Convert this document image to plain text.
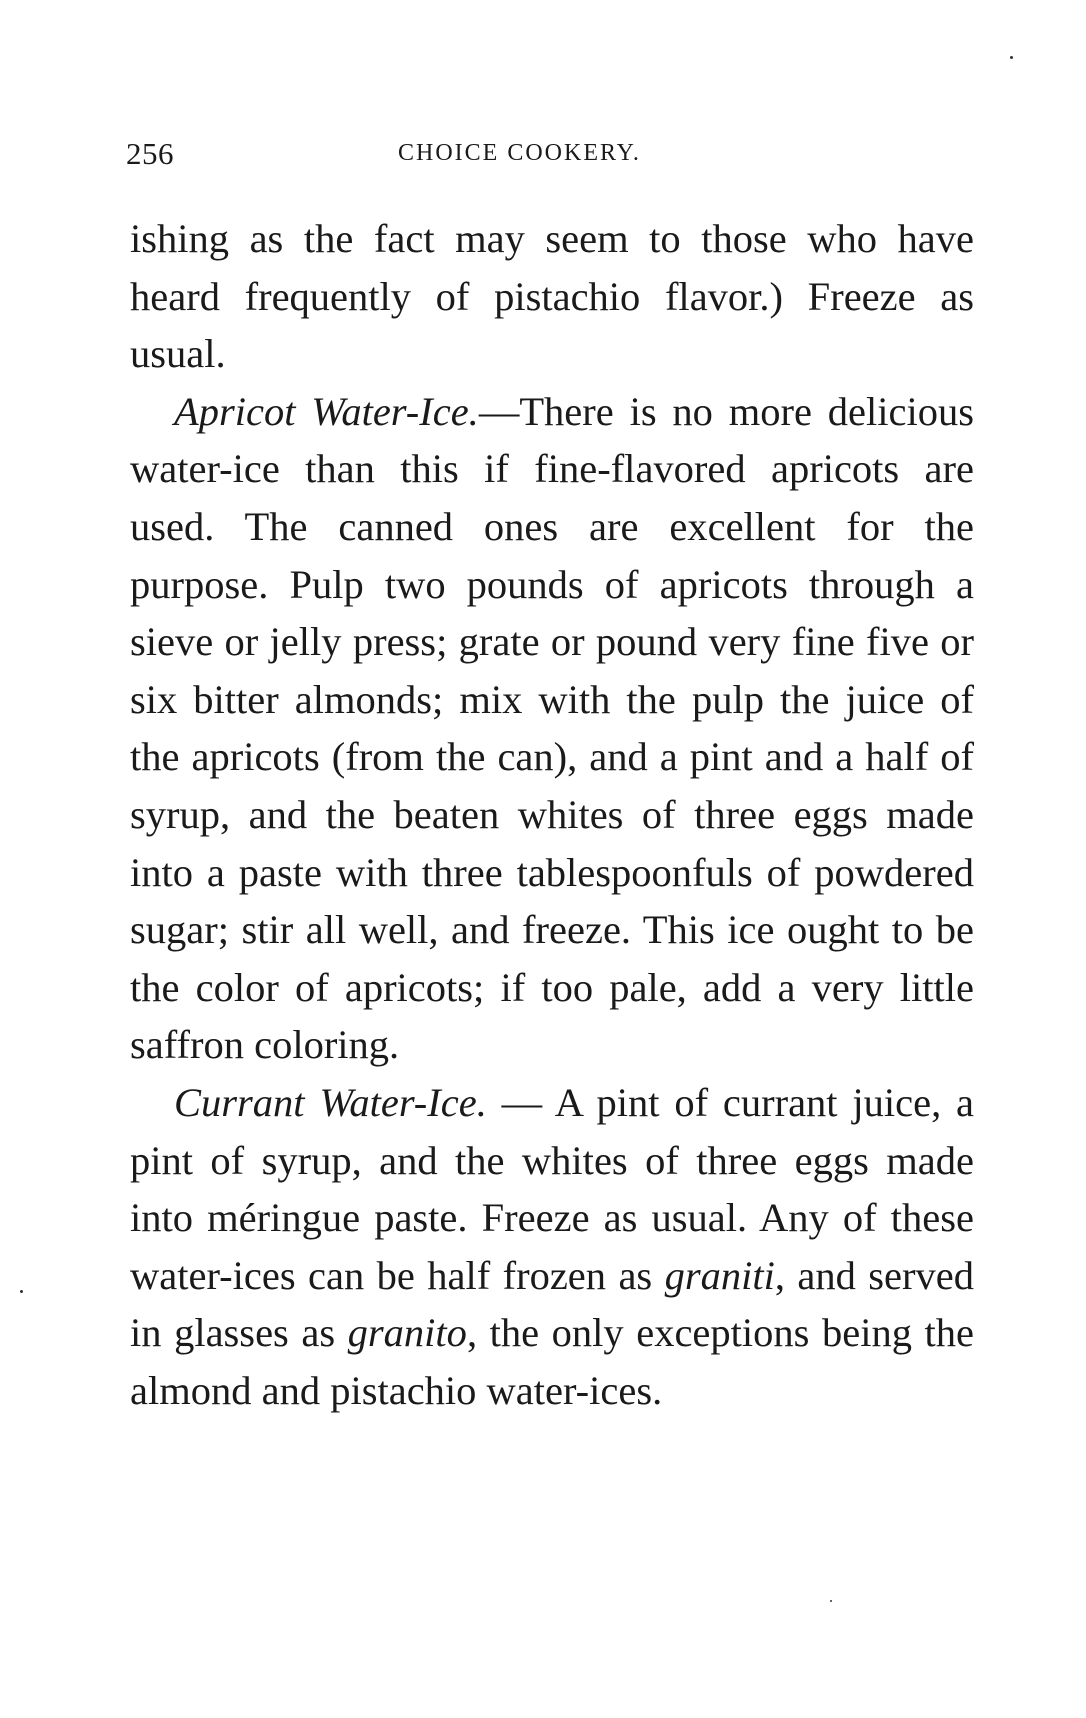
256	CHOICE COOKERY.

ishing as the fact may seem to those who have heard frequently of pistachio flavor.) Freeze as usual.

Apricot Water-Ice.—There is no more delicious water-ice than this if fine-flavored apricots are used. The canned ones are excellent for the purpose. Pulp two pounds of apricots through a sieve or jelly press; grate or pound very fine five or six bitter almonds; mix with the pulp the juice of the apricots (from the can), and a pint and a half of syrup, and the beaten whites of three eggs made into a paste with three tablespoonfuls of powdered sugar; stir all well, and freeze. This ice ought to be the color of apricots; if too pale, add a very little saffron coloring.

Currant Water-Ice. — A pint of currant juice, a pint of syrup, and the whites of three eggs made into méringue paste. Freeze as usual. Any of these water-ices can be half frozen as graniti, and served in glasses as granito, the only exceptions being the almond and pistachio water-ices.
